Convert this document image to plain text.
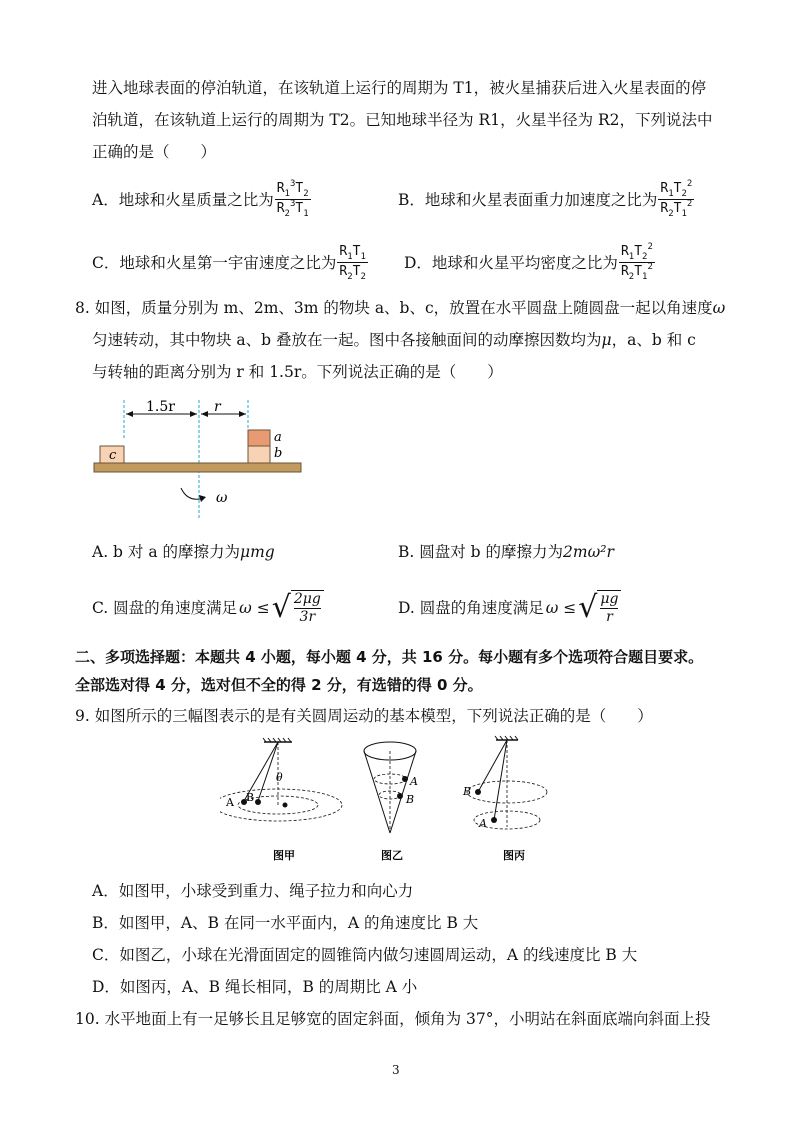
进入地球表面的停泊轨道，在该轨道上运行的周期为 T1，被火星捕获后进入火星表面的停
泊轨道，在该轨道上运行的周期为 T2。已知地球半径为 R1，火星半径为 R2，下列说法中
正确的是（　　）
A．地球和火星质量之比为 $\frac{R_1^3T_2}{R_2^3T_1}$	B．地球和火星表面重力加速度之比为 $\frac{R_1T_2^2}{R_2T_1^2}$
C．地球和火星第一宇宙速度之比为 $\frac{R_1T_1}{R_2T_2}$ D．地球和火星平均密度之比为 $\frac{R_1T_2^2}{R_2T_1^2}$
8. 如图，质量分别为 m、2m、3m 的物块 a、b、c，放置在水平圆盘上随圆盘一起以角速度ω
匀速转动，其中物块 a、b 叠放在一起。图中各接触面间的动摩擦因数均为μ，a、b 和 c
与转轴的距离分别为 r 和 1.5r。下列说法正确的是（　　）
1.5r	r
c
a
b
ω
A. b 对 a 的摩擦力为μmg	B. 圆盘对 b 的摩擦力为2mω²r
C. 圆盘的角速度满足 ω ≤ √ $\frac{2\mu g}{3r}$	D. 圆盘的角速度满足 ω ≤ √ $\frac{\mu g}{r}$
二、多项选择题：本题共 4 小题，每小题 4 分，共 16 分。每小题有多个选项符合题目要求。
全部选对得 4 分，选对但不全的得 2 分，有选错的得 0 分。
9. 如图所示的三幅图表示的是有关圆周运动的基本模型，下列说法正确的是（　　）
θ
A B
A
B
B
A
图甲	图乙	图丙
A．如图甲，小球受到重力、绳子拉力和向心力
B．如图甲，A、B 在同一水平面内，A 的角速度比 B 大
C．如图乙，小球在光滑面固定的圆锥筒内做匀速圆周运动，A 的线速度比 B 大
D．如图丙，A、B 绳长相同，B 的周期比 A 小
10. 水平地面上有一足够长且足够宽的固定斜面，倾角为 37°，小明站在斜面底端向斜面上投
3
